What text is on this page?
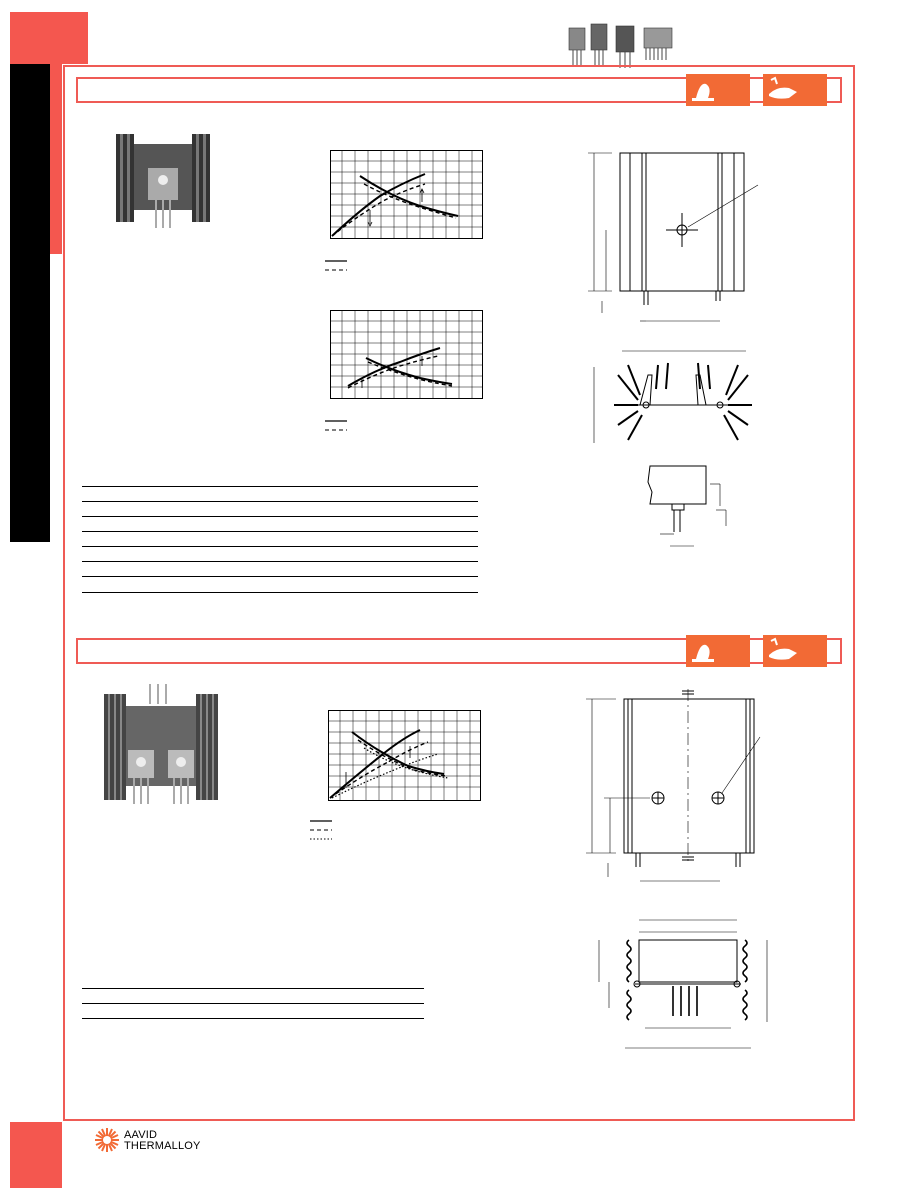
AAVID
THERMALLOY
